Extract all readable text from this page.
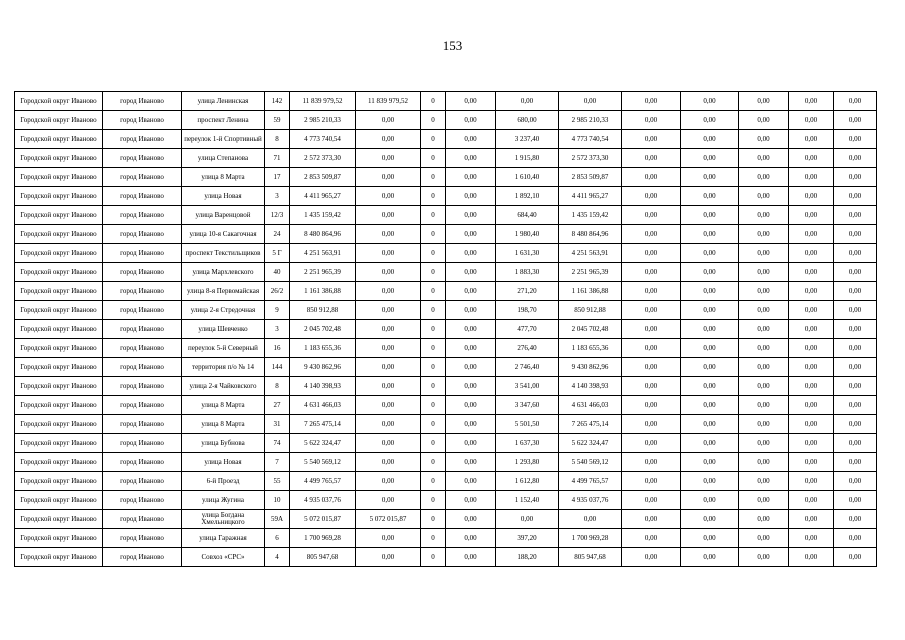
153
Городской округ Иваново	город Иваново	улица Ленинская	142	11 839 979,52	11 839 979,52	0	0,00	0,00	0,00	0,00	0,00	0,00	0,00	0,00
Городской округ Иваново	город Иваново	проспект Ленина	59	2 985 210,33	0,00	0	0,00	680,00	2 985 210,33	0,00	0,00	0,00	0,00	0,00
Городской округ Иваново	город Иваново	переулок 1-й Спортивный	8	4 773 740,54	0,00	0	0,00	3 237,40	4 773 740,54	0,00	0,00	0,00	0,00	0,00
Городской округ Иваново	город Иваново	улица Степанова	71	2 572 373,30	0,00	0	0,00	1 915,80	2 572 373,30	0,00	0,00	0,00	0,00	0,00
Городской округ Иваново	город Иваново	улица 8 Марта	17	2 853 509,87	0,00	0	0,00	1 610,40	2 853 509,87	0,00	0,00	0,00	0,00	0,00
Городской округ Иваново	город Иваново	улица Новая	3	4 411 965,27	0,00	0	0,00	1 892,10	4 411 965,27	0,00	0,00	0,00	0,00	0,00
Городской округ Иваново	город Иваново	улица Варенцовой	12/3	1 435 159,42	0,00	0	0,00	684,40	1 435 159,42	0,00	0,00	0,00	0,00	0,00
Городской округ Иваново	город Иваново	улица 10-я Сакагочная	24	8 480 864,96	0,00	0	0,00	1 980,40	8 480 864,96	0,00	0,00	0,00	0,00	0,00
Городской округ Иваново	город Иваново	проспект Текстильщиков	5 Г	4 251 563,91	0,00	0	0,00	1 631,30	4 251 563,91	0,00	0,00	0,00	0,00	0,00
Городской округ Иваново	город Иваново	улица Мархлевского	40	2 251 965,39	0,00	0	0,00	1 883,30	2 251 965,39	0,00	0,00	0,00	0,00	0,00
Городской округ Иваново	город Иваново	улица 8-я Первомайская	26/2	1 161 386,88	0,00	0	0,00	271,20	1 161 386,88	0,00	0,00	0,00	0,00	0,00
Городской округ Иваново	город Иваново	улица 2-я Стредочная	9	850 912,88	0,00	0	0,00	198,70	850 912,88	0,00	0,00	0,00	0,00	0,00
Городской округ Иваново	город Иваново	улица Шевченко	3	2 045 702,48	0,00	0	0,00	477,70	2 045 702,48	0,00	0,00	0,00	0,00	0,00
Городской округ Иваново	город Иваново	переулок 5-й Северный	16	1 183 655,36	0,00	0	0,00	276,40	1 183 655,36	0,00	0,00	0,00	0,00	0,00
Городской округ Иваново	город Иваново	территория п/о № 14	144	9 430 862,96	0,00	0	0,00	2 746,40	9 430 862,96	0,00	0,00	0,00	0,00	0,00
Городской округ Иваново	город Иваново	улица 2-я Чайковского	8	4 140 398,93	0,00	0	0,00	3 541,00	4 140 398,93	0,00	0,00	0,00	0,00	0,00
Городской округ Иваново	город Иваново	улица 8 Марта	27	4 631 466,03	0,00	0	0,00	3 347,60	4 631 466,03	0,00	0,00	0,00	0,00	0,00
Городской округ Иваново	город Иваново	улица 8 Марта	31	7 265 475,14	0,00	0	0,00	5 501,50	7 265 475,14	0,00	0,00	0,00	0,00	0,00
Городской округ Иваново	город Иваново	улица Бубнова	74	5 622 324,47	0,00	0	0,00	1 637,30	5 622 324,47	0,00	0,00	0,00	0,00	0,00
Городской округ Иваново	город Иваново	улица Новая	7	5 540 569,12	0,00	0	0,00	1 293,80	5 540 569,12	0,00	0,00	0,00	0,00	0,00
Городской округ Иваново	город Иваново	6-й Проезд	55	4 499 765,57	0,00	0	0,00	1 612,80	4 499 765,57	0,00	0,00	0,00	0,00	0,00
Городской округ Иваново	город Иваново	улица Жугина	10	4 935 037,76	0,00	0	0,00	1 152,40	4 935 037,76	0,00	0,00	0,00	0,00	0,00
Городской округ Иваново	город Иваново	улица Богдана Хмельницкого	59А	5 072 015,87	5 072 015,87	0	0,00	0,00	0,00	0,00	0,00	0,00	0,00	0,00
Городской округ Иваново	город Иваново	улица Гаражная	6	1 700 969,28	0,00	0	0,00	397,20	1 700 969,28	0,00	0,00	0,00	0,00	0,00
Городской округ Иваново	город Иваново	Совхоз «СРС»	4	805 947,68	0,00	0	0,00	188,20	805 947,68	0,00	0,00	0,00	0,00	0,00
